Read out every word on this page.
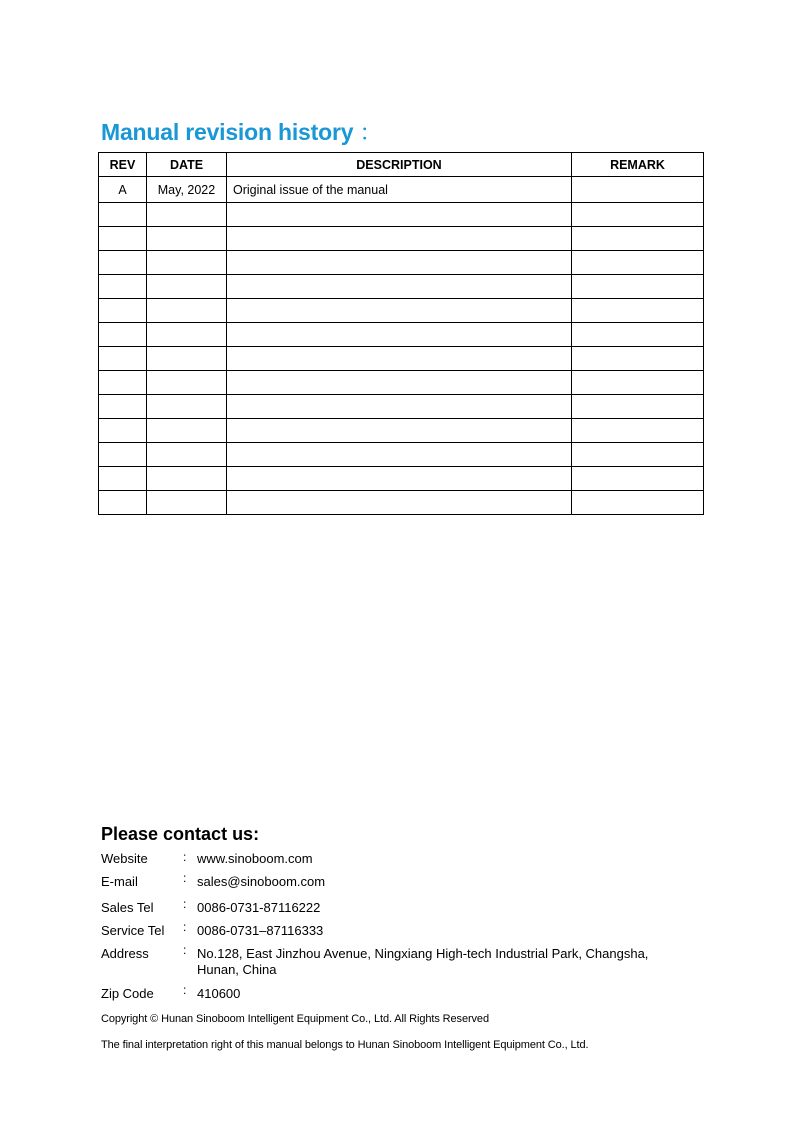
Manual revision history ：
REV	DATE	DESCRIPTION	REMARK
A	May, 2022	Original issue of the manual	

Please contact us:
Website	: www.sinoboom.com
E-mail	: sales@sinoboom.com
Sales Tel : 0086-0731-87116222
Service Tel : 0086-0731–87116333
Address	: No.128, East Jinzhou Avenue, Ningxiang High-tech Industrial Park, Changsha,
Hunan, China
Zip Code : 410600
Copyright © Hunan Sinoboom Intelligent Equipment Co., Ltd. All Rights Reserved
The final interpretation right of this manual belongs to Hunan Sinoboom Intelligent Equipment Co., Ltd.
